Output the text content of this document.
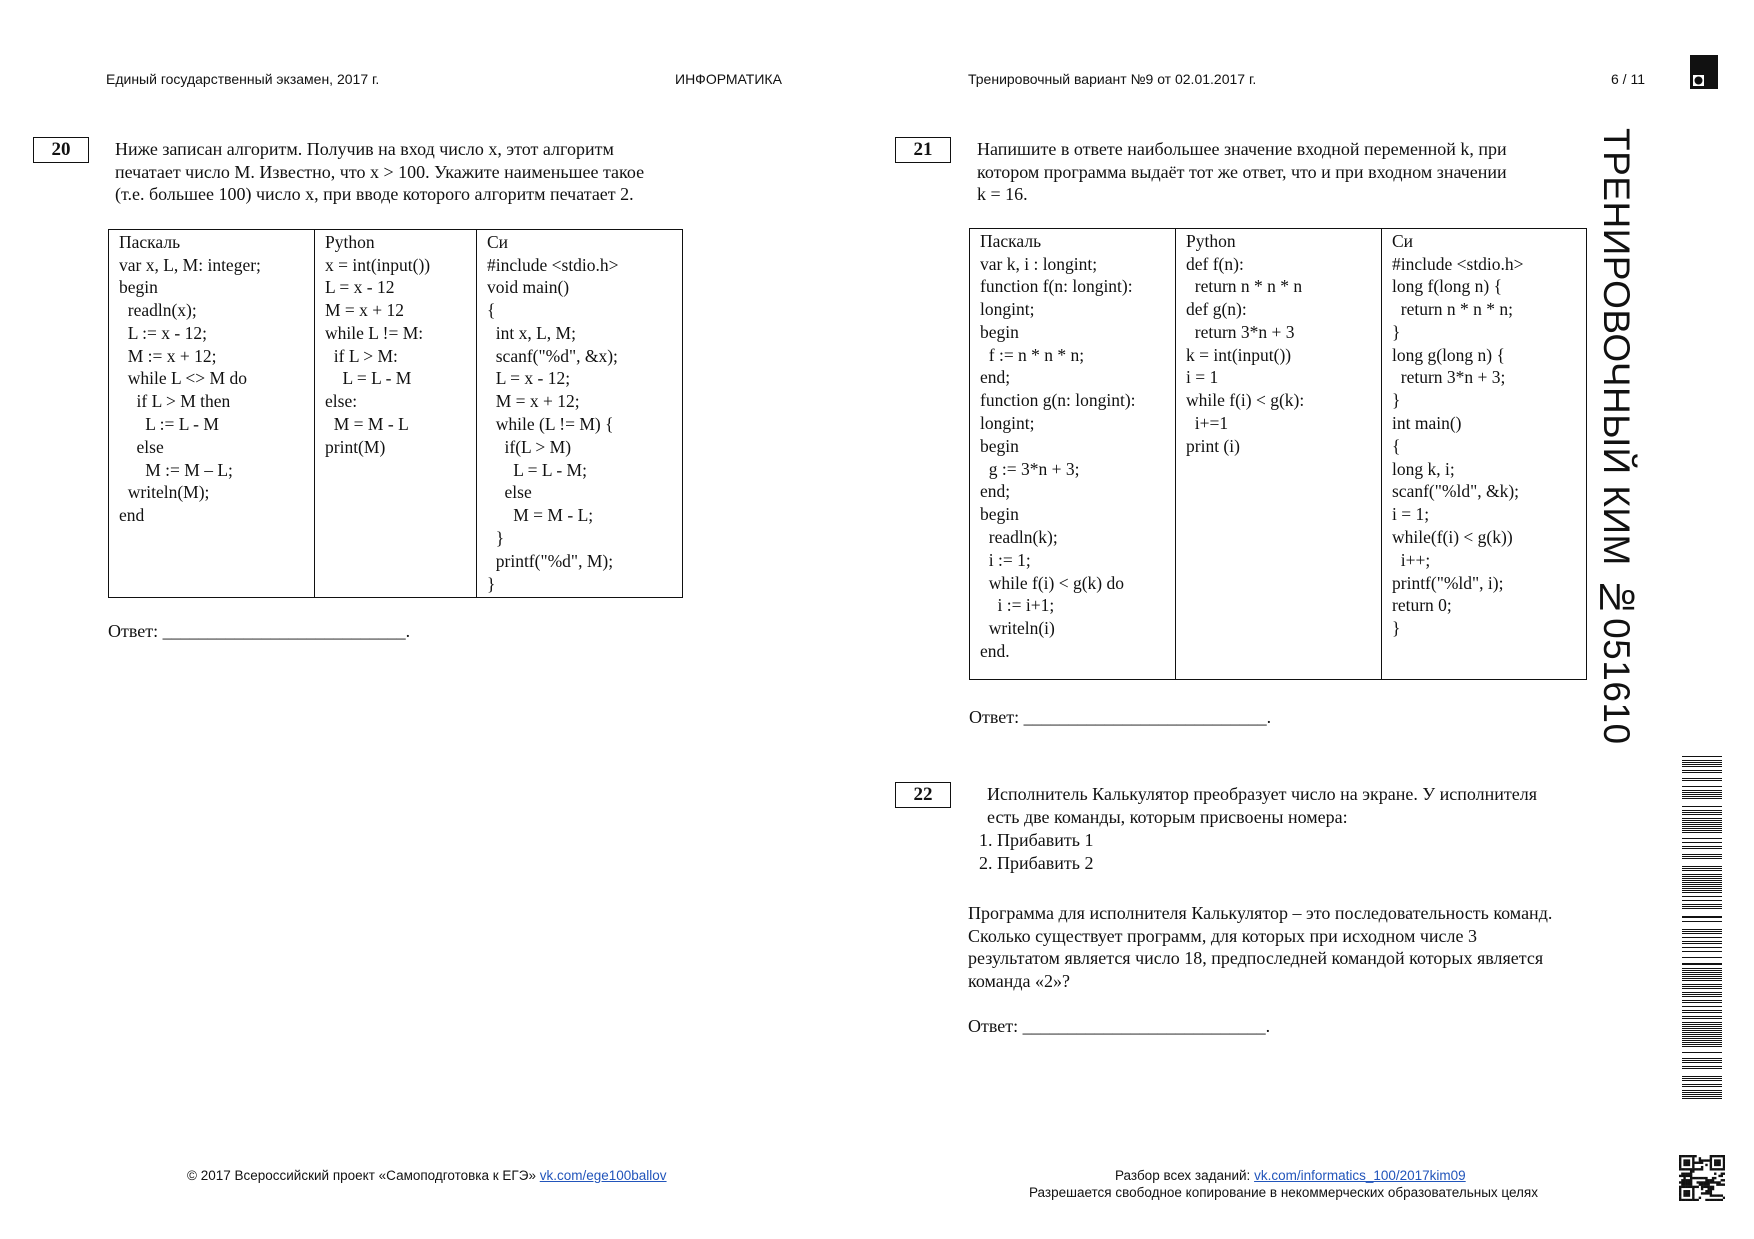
Единый государственный экзамен, 2017 г.	ИНФОРМАТИКА	Тренировочный вариант №9 от 02.01.2017 г.	6 / 11
ТРЕНИРОВОЧНЫЙ КИМ №051610
20	Ниже записан алгоритм. Получив на вход число x, этот алгоритм
печатает число M. Известно, что x > 100. Укажите наименьшее такое
(т.е. большее 100) число x, при вводе которого алгоритм печатает 2.
Паскаль
var x, L, M: integer;
begin
readln(x);
L := x - 12;
M := x + 12;
while L <> M do
if L > M then
L := L - M
else
M := M – L;
writeln(M);
end

Python
x = int(input())
L = x - 12
M = x + 12
while L != M:
if L > M:
L = L - M
else:
M = M - L
print(M)

Си
#include <stdio.h>
void main()
{
int x, L, M;
scanf("%d", &x);
L = x - 12;
M = x + 12;
while (L != M) {
if(L > M)
L = L - M;
else
M = M - L;
}
printf("%d", M);
}
Ответ: ___________________________.
21	Напишите в ответе наибольшее значение входной переменной k, при
котором программа выдаёт тот же ответ, что и при входном значении
k = 16.
Паскаль
var k, i : longint;
function f(n: longint):
longint;
begin
f := n * n * n;
end;
function g(n: longint):
longint;
begin
g := 3*n + 3;
end;
begin
readln(k);
i := 1;
while f(i) < g(k) do
i := i+1;
writeln(i)
end.

Python
def f(n):
return n * n * n
def g(n):
return 3*n + 3
k = int(input())
i = 1
while f(i) < g(k):
i+=1
print (i)

Си
#include <stdio.h>
long f(long n) {
return n * n * n;
}
long g(long n) {
return 3*n + 3;
}
int main()
{
long k, i;
scanf("%ld", &k);
i = 1;
while(f(i) < g(k))
i++;
printf("%ld", i);
return 0;
}
Ответ: ___________________________.
22	Исполнитель Калькулятор преобразует число на экране. У исполнителя
есть две команды, которым присвоены номера:
1. Прибавить 1
2. Прибавить 2
Программа для исполнителя Калькулятор – это последовательность команд.
Сколько существует программ, для которых при исходном числе 3
результатом является число 18, предпоследней командой которых является
команда «2»?
Ответ: ___________________________.
© 2017 Всероссийский проект «Самоподготовка к ЕГЭ» vk.com/ege100ballov	Разбор всех заданий: vk.com/informatics_100/2017kim09
Разрешается свободное копирование в некоммерческих образовательных целях
